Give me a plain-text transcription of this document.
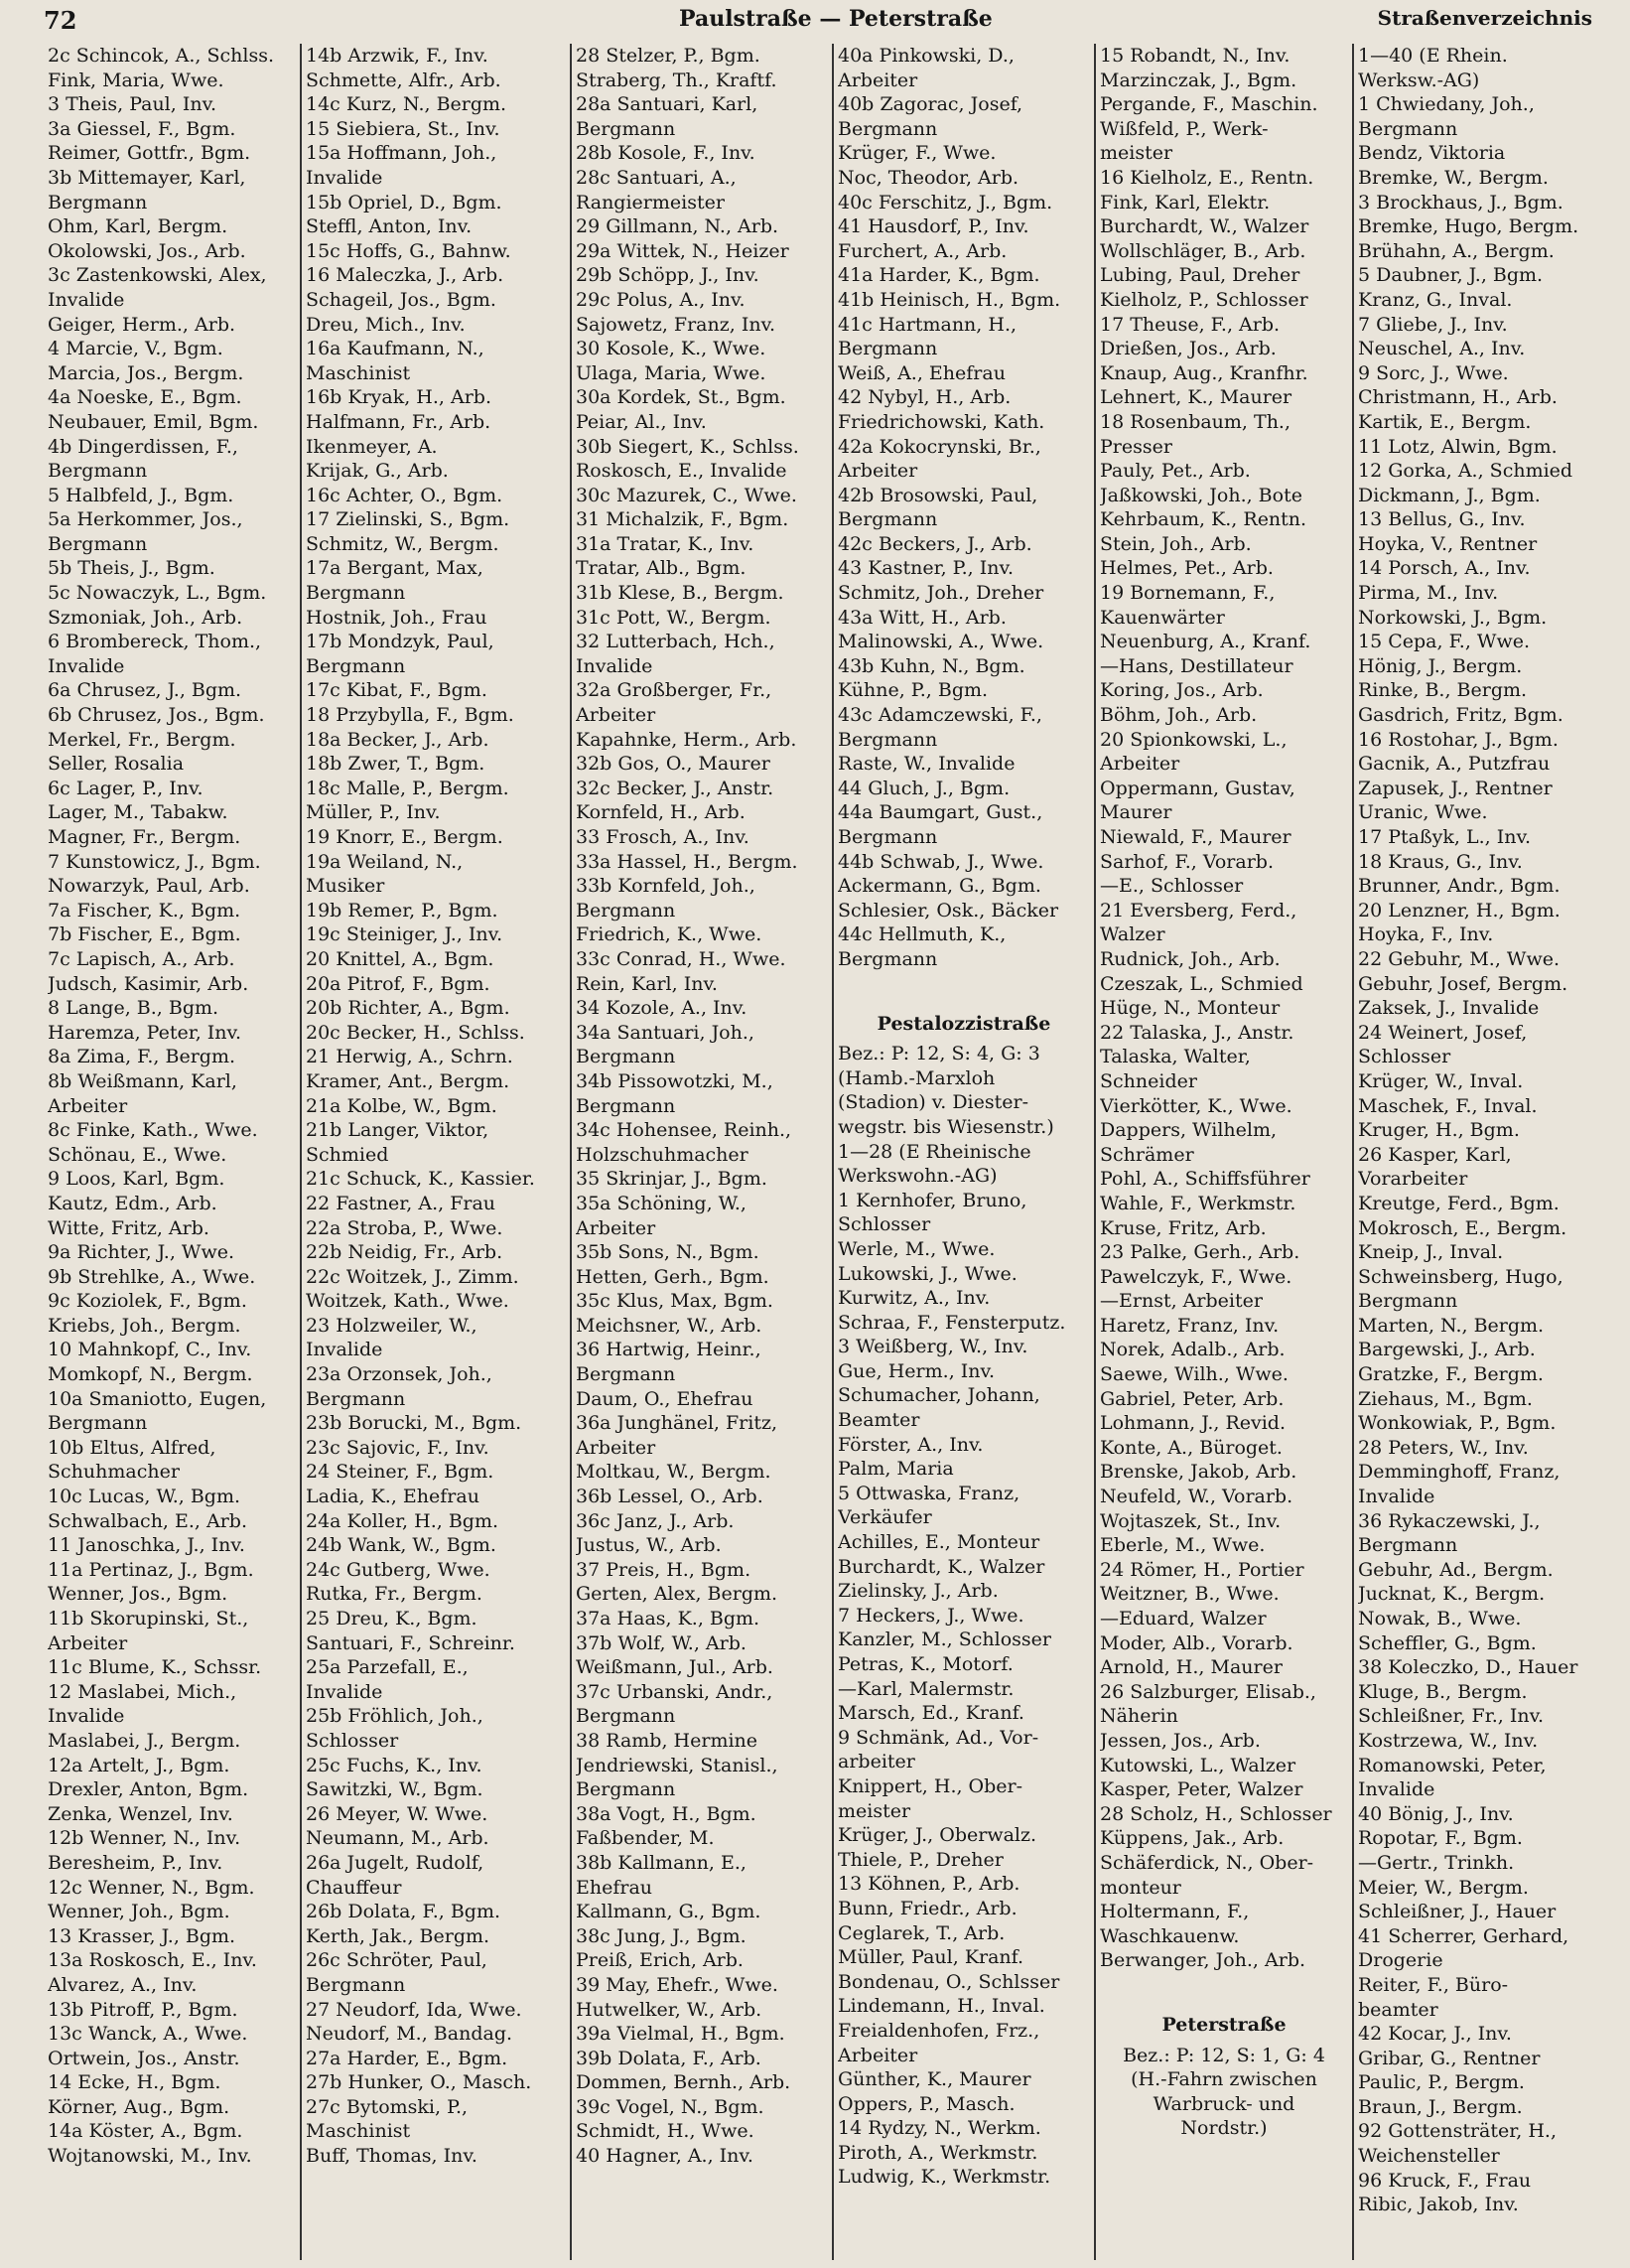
72	Paulstraße — Peterstraße	Straßenverzeichnis
2c Schincok, A., Schlss.
Fink, Maria, Wwe.
3 Theis, Paul, Inv.
3a Giessel, F., Bgm.
Reimer, Gottfr., Bgm.
3b Mittemayer, Karl,
Bergmann
Ohm, Karl, Bergm.
Okolowski, Jos., Arb.
3c Zastenkowski, Alex,
Invalide
Geiger, Herm., Arb.
4 Marcie, V., Bgm.
Marcia, Jos., Bergm.
4a Noeske, E., Bgm.
Neubauer, Emil, Bgm.
4b Dingerdissen, F.,
Bergmann
5 Halbfeld, J., Bgm.
5a Herkommer, Jos.,
Bergmann
5b Theis, J., Bgm.
5c Nowaczyk, L., Bgm.
Szmoniak, Joh., Arb.
6 Brombereck, Thom.,
Invalide
6a Chrusez, J., Bgm.
6b Chrusez, Jos., Bgm.
Merkel, Fr., Bergm.
Seller, Rosalia
6c Lager, P., Inv.
Lager, M., Tabakw.
Magner, Fr., Bergm.
7 Kunstowicz, J., Bgm.
Nowarzyk, Paul, Arb.
7a Fischer, K., Bgm.
7b Fischer, E., Bgm.
7c Lapisch, A., Arb.
Judsch, Kasimir, Arb.
8 Lange, B., Bgm.
Haremza, Peter, Inv.
8a Zima, F., Bergm.
8b Weißmann, Karl,
Arbeiter
8c Finke, Kath., Wwe.
Schönau, E., Wwe.
9 Loos, Karl, Bgm.
Kautz, Edm., Arb.
Witte, Fritz, Arb.
9a Richter, J., Wwe.
9b Strehlke, A., Wwe.
9c Koziolek, F., Bgm.
Kriebs, Joh., Bergm.
10 Mahnkopf, C., Inv.
Momkopf, N., Bergm.
10a Smaniotto, Eugen,
Bergmann
10b Eltus, Alfred,
Schuhmacher
10c Lucas, W., Bgm.
Schwalbach, E., Arb.
11 Janoschka, J., Inv.
11a Pertinaz, J., Bgm.
Wenner, Jos., Bgm.
11b Skorupinski, St.,
Arbeiter
11c Blume, K., Schssr.
12 Maslabei, Mich.,
Invalide
Maslabei, J., Bergm.
12a Artelt, J., Bgm.
Drexler, Anton, Bgm.
Zenka, Wenzel, Inv.
12b Wenner, N., Inv.
Beresheim, P., Inv.
12c Wenner, N., Bgm.
Wenner, Joh., Bgm.
13 Krasser, J., Bgm.
13a Roskosch, E., Inv.
Alvarez, A., Inv.
13b Pitroff, P., Bgm.
13c Wanck, A., Wwe.
Ortwein, Jos., Anstr.
14 Ecke, H., Bgm.
Körner, Aug., Bgm.
14a Köster, A., Bgm.
Wojtanowski, M., Inv.
14b Arzwik, F., Inv.
Schmette, Alfr., Arb.
14c Kurz, N., Bergm.
15 Siebiera, St., Inv.
15a Hoffmann, Joh.,
Invalide
15b Opriel, D., Bgm.
Steffl, Anton, Inv.
15c Hoffs, G., Bahnw.
16 Maleczka, J., Arb.
Schageil, Jos., Bgm.
Dreu, Mich., Inv.
16a Kaufmann, N.,
Maschinist
16b Kryak, H., Arb.
Halfmann, Fr., Arb.
Ikenmeyer, A.
Krijak, G., Arb.
16c Achter, O., Bgm.
17 Zielinski, S., Bgm.
Schmitz, W., Bergm.
17a Bergant, Max,
Bergmann
Hostnik, Joh., Frau
17b Mondzyk, Paul,
Bergmann
17c Kibat, F., Bgm.
18 Przybylla, F., Bgm.
18a Becker, J., Arb.
18b Zwer, T., Bgm.
18c Malle, P., Bergm.
Müller, P., Inv.
19 Knorr, E., Bergm.
19a Weiland, N.,
Musiker
19b Remer, P., Bgm.
19c Steiniger, J., Inv.
20 Knittel, A., Bgm.
20a Pitrof, F., Bgm.
20b Richter, A., Bgm.
20c Becker, H., Schlss.
21 Herwig, A., Schrn.
Kramer, Ant., Bergm.
21a Kolbe, W., Bgm.
21b Langer, Viktor,
Schmied
21c Schuck, K., Kassier.
22 Fastner, A., Frau
22a Stroba, P., Wwe.
22b Neidig, Fr., Arb.
22c Woitzek, J., Zimm.
Woitzek, Kath., Wwe.
23 Holzweiler, W.,
Invalide
23a Orzonsek, Joh.,
Bergmann
23b Borucki, M., Bgm.
23c Sajovic, F., Inv.
24 Steiner, F., Bgm.
Ladia, K., Ehefrau
24a Koller, H., Bgm.
24b Wank, W., Bgm.
24c Gutberg, Wwe.
Rutka, Fr., Bergm.
25 Dreu, K., Bgm.
Santuari, F., Schreinr.
25a Parzefall, E.,
Invalide
25b Fröhlich, Joh.,
Schlosser
25c Fuchs, K., Inv.
Sawitzki, W., Bgm.
26 Meyer, W. Wwe.
Neumann, M., Arb.
26a Jugelt, Rudolf,
Chauffeur
26b Dolata, F., Bgm.
Kerth, Jak., Bergm.
26c Schröter, Paul,
Bergmann
27 Neudorf, Ida, Wwe.
Neudorf, M., Bandag.
27a Harder, E., Bgm.
27b Hunker, O., Masch.
27c Bytomski, P.,
Maschinist
Buff, Thomas, Inv.
28 Stelzer, P., Bgm.
Straberg, Th., Kraftf.
28a Santuari, Karl,
Bergmann
28b Kosole, F., Inv.
28c Santuari, A.,
Rangiermeister
29 Gillmann, N., Arb.
29a Wittek, N., Heizer
29b Schöpp, J., Inv.
29c Polus, A., Inv.
Sajowetz, Franz, Inv.
30 Kosole, K., Wwe.
Ulaga, Maria, Wwe.
30a Kordek, St., Bgm.
Peiar, Al., Inv.
30b Siegert, K., Schlss.
Roskosch, E., Invalide
30c Mazurek, C., Wwe.
31 Michalzik, F., Bgm.
31a Tratar, K., Inv.
Tratar, Alb., Bgm.
31b Klese, B., Bergm.
31c Pott, W., Bergm.
32 Lutterbach, Hch.,
Invalide
32a Großberger, Fr.,
Arbeiter
Kapahnke, Herm., Arb.
32b Gos, O., Maurer
32c Becker, J., Anstr.
Kornfeld, H., Arb.
33 Frosch, A., Inv.
33a Hassel, H., Bergm.
33b Kornfeld, Joh.,
Bergmann
Friedrich, K., Wwe.
33c Conrad, H., Wwe.
Rein, Karl, Inv.
34 Kozole, A., Inv.
34a Santuari, Joh.,
Bergmann
34b Pissowotzki, M.,
Bergmann
34c Hohensee, Reinh.,
Holzschuhmacher
35 Skrinjar, J., Bgm.
35a Schöning, W.,
Arbeiter
35b Sons, N., Bgm.
Hetten, Gerh., Bgm.
35c Klus, Max, Bgm.
Meichsner, W., Arb.
36 Hartwig, Heinr.,
Bergmann
Daum, O., Ehefrau
36a Junghänel, Fritz,
Arbeiter
Moltkau, W., Bergm.
36b Lessel, O., Arb.
36c Janz, J., Arb.
Justus, W., Arb.
37 Preis, H., Bgm.
Gerten, Alex, Bergm.
37a Haas, K., Bgm.
37b Wolf, W., Arb.
Weißmann, Jul., Arb.
37c Urbanski, Andr.,
Bergmann
38 Ramb, Hermine
Jendriewski, Stanisl.,
Bergmann
38a Vogt, H., Bgm.
Faßbender, M.
38b Kallmann, E.,
Ehefrau
Kallmann, G., Bgm.
38c Jung, J., Bgm.
Preiß, Erich, Arb.
39 May, Ehefr., Wwe.
Hutwelker, W., Arb.
39a Vielmal, H., Bgm.
39b Dolata, F., Arb.
Dommen, Bernh., Arb.
39c Vogel, N., Bgm.
Schmidt, H., Wwe.
40 Hagner, A., Inv.
40a Pinkowski, D.,
Arbeiter
40b Zagorac, Josef,
Bergmann
Krüger, F., Wwe.
Noc, Theodor, Arb.
40c Ferschitz, J., Bgm.
41 Hausdorf, P., Inv.
Furchert, A., Arb.
41a Harder, K., Bgm.
41b Heinisch, H., Bgm.
41c Hartmann, H.,
Bergmann
Weiß, A., Ehefrau
42 Nybyl, H., Arb.
Friedrichowski, Kath.
42a Kokocrynski, Br.,
Arbeiter
42b Brosowski, Paul,
Bergmann
42c Beckers, J., Arb.
43 Kastner, P., Inv.
Schmitz, Joh., Dreher
43a Witt, H., Arb.
Malinowski, A., Wwe.
43b Kuhn, N., Bgm.
Kühne, P., Bgm.
43c Adamczewski, F.,
Bergmann
Raste, W., Invalide
44 Gluch, J., Bgm.
44a Baumgart, Gust.,
Bergmann
44b Schwab, J., Wwe.
Ackermann, G., Bgm.
Schlesier, Osk., Bäcker
44c Hellmuth, K.,
Bergmann
Pestalozzistraße
Bez.: P: 12, S: 4, G: 3
(Hamb.-Marxloh
(Stadion) v. Diester-
wegstr. bis Wiesenstr.)
1—28 (E Rheinische
Werkswohn.-AG)
1 Kernhofer, Bruno,
Schlosser
Werle, M., Wwe.
Lukowski, J., Wwe.
Kurwitz, A., Inv.
Schraa, F., Fensterputz.
3 Weißberg, W., Inv.
Gue, Herm., Inv.
Schumacher, Johann,
Beamter
Förster, A., Inv.
Palm, Maria
5 Ottwaska, Franz,
Verkäufer
Achilles, E., Monteur
Burchardt, K., Walzer
Zielinsky, J., Arb.
7 Heckers, J., Wwe.
Kanzler, M., Schlosser
Petras, K., Motorf.
—Karl, Malermstr.
Marsch, Ed., Kranf.
9 Schmänk, Ad., Vor-
arbeiter
Knippert, H., Ober-
meister
Krüger, J., Oberwalz.
Thiele, P., Dreher
13 Köhnen, P., Arb.
Bunn, Friedr., Arb.
Ceglarek, T., Arb.
Müller, Paul, Kranf.
Bondenau, O., Schlsser
Lindemann, H., Inval.
Freialdenhofen, Frz.,
Arbeiter
Günther, K., Maurer
Oppers, P., Masch.
14 Rydzy, N., Werkm.
Piroth, A., Werkmstr.
Ludwig, K., Werkmstr.
15 Robandt, N., Inv.
Marzinczak, J., Bgm.
Pergande, F., Maschin.
Wißfeld, P., Werk-
meister
16 Kielholz, E., Rentn.
Fink, Karl, Elektr.
Burchardt, W., Walzer
Wollschläger, B., Arb.
Lubing, Paul, Dreher
Kielholz, P., Schlosser
17 Theuse, F., Arb.
Drießen, Jos., Arb.
Knaup, Aug., Kranfhr.
Lehnert, K., Maurer
18 Rosenbaum, Th.,
Presser
Pauly, Pet., Arb.
Jaßkowski, Joh., Bote
Kehrbaum, K., Rentn.
Stein, Joh., Arb.
Helmes, Pet., Arb.
19 Bornemann, F.,
Kauenwärter
Neuenburg, A., Kranf.
—Hans, Destillateur
Koring, Jos., Arb.
Böhm, Joh., Arb.
20 Spionkowski, L.,
Arbeiter
Oppermann, Gustav,
Maurer
Niewald, F., Maurer
Sarhof, F., Vorarb.
—E., Schlosser
21 Eversberg, Ferd.,
Walzer
Rudnick, Joh., Arb.
Czeszak, L., Schmied
Hüge, N., Monteur
22 Talaska, J., Anstr.
Talaska, Walter,
Schneider
Vierkötter, K., Wwe.
Dappers, Wilhelm,
Schrämer
Pohl, A., Schiffsführer
Wahle, F., Werkmstr.
Kruse, Fritz, Arb.
23 Palke, Gerh., Arb.
Pawelczyk, F., Wwe.
—Ernst, Arbeiter
Haretz, Franz, Inv.
Norek, Adalb., Arb.
Saewe, Wilh., Wwe.
Gabriel, Peter, Arb.
Lohmann, J., Revid.
Konte, A., Büroget.
Brenske, Jakob, Arb.
Neufeld, W., Vorarb.
Wojtaszek, St., Inv.
Eberle, M., Wwe.
24 Römer, H., Portier
Weitzner, B., Wwe.
—Eduard, Walzer
Moder, Alb., Vorarb.
Arnold, H., Maurer
26 Salzburger, Elisab.,
Näherin
Jessen, Jos., Arb.
Kutowski, L., Walzer
Kasper, Peter, Walzer
28 Scholz, H., Schlosser
Küppens, Jak., Arb.
Schäferdick, N., Ober-
monteur
Holtermann, F.,
Waschkauenw.
Berwanger, Joh., Arb.
Peterstraße
Bez.: P: 12, S: 1, G: 4
(H.-Fahrn zwischen
Warbruck- und
Nordstr.)
1—40 (E Rhein.
Werksw.-AG)
1 Chwiedany, Joh.,
Bergmann
Bendz, Viktoria
Bremke, W., Bergm.
3 Brockhaus, J., Bgm.
Bremke, Hugo, Bergm.
Brühahn, A., Bergm.
5 Daubner, J., Bgm.
Kranz, G., Inval.
7 Gliebe, J., Inv.
Neuschel, A., Inv.
9 Sorc, J., Wwe.
Christmann, H., Arb.
Kartik, E., Bergm.
11 Lotz, Alwin, Bgm.
12 Gorka, A., Schmied
Dickmann, J., Bgm.
13 Bellus, G., Inv.
Hoyka, V., Rentner
14 Porsch, A., Inv.
Pirma, M., Inv.
Norkowski, J., Bgm.
15 Cepa, F., Wwe.
Hönig, J., Bergm.
Rinke, B., Bergm.
Gasdrich, Fritz, Bgm.
16 Rostohar, J., Bgm.
Gacnik, A., Putzfrau
Zapusek, J., Rentner
Uranic, Wwe.
17 Ptaßyk, L., Inv.
18 Kraus, G., Inv.
Brunner, Andr., Bgm.
20 Lenzner, H., Bgm.
Hoyka, F., Inv.
22 Gebuhr, M., Wwe.
Gebuhr, Josef, Bergm.
Zaksek, J., Invalide
24 Weinert, Josef,
Schlosser
Krüger, W., Inval.
Maschek, F., Inval.
Kruger, H., Bgm.
26 Kasper, Karl,
Vorarbeiter
Kreutge, Ferd., Bgm.
Mokrosch, E., Bergm.
Kneip, J., Inval.
Schweinsberg, Hugo,
Bergmann
Marten, N., Bergm.
Bargewski, J., Arb.
Gratzke, F., Bergm.
Ziehaus, M., Bgm.
Wonkowiak, P., Bgm.
28 Peters, W., Inv.
Demminghoff, Franz,
Invalide
36 Rykaczewski, J.,
Bergmann
Gebuhr, Ad., Bergm.
Jucknat, K., Bergm.
Nowak, B., Wwe.
Scheffler, G., Bgm.
38 Koleczko, D., Hauer
Kluge, B., Bergm.
Schleißner, Fr., Inv.
Kostrzewa, W., Inv.
Romanowski, Peter,
Invalide
40 Bönig, J., Inv.
Ropotar, F., Bgm.
—Gertr., Trinkh.
Meier, W., Bergm.
Schleißner, J., Hauer
41 Scherrer, Gerhard,
Drogerie
Reiter, F., Büro-
beamter
42 Kocar, J., Inv.
Gribar, G., Rentner
Paulic, P., Bergm.
Braun, J., Bergm.
92 Gottensträter, H.,
Weichensteller
96 Kruck, F., Frau
Ribic, Jakob, Inv.
